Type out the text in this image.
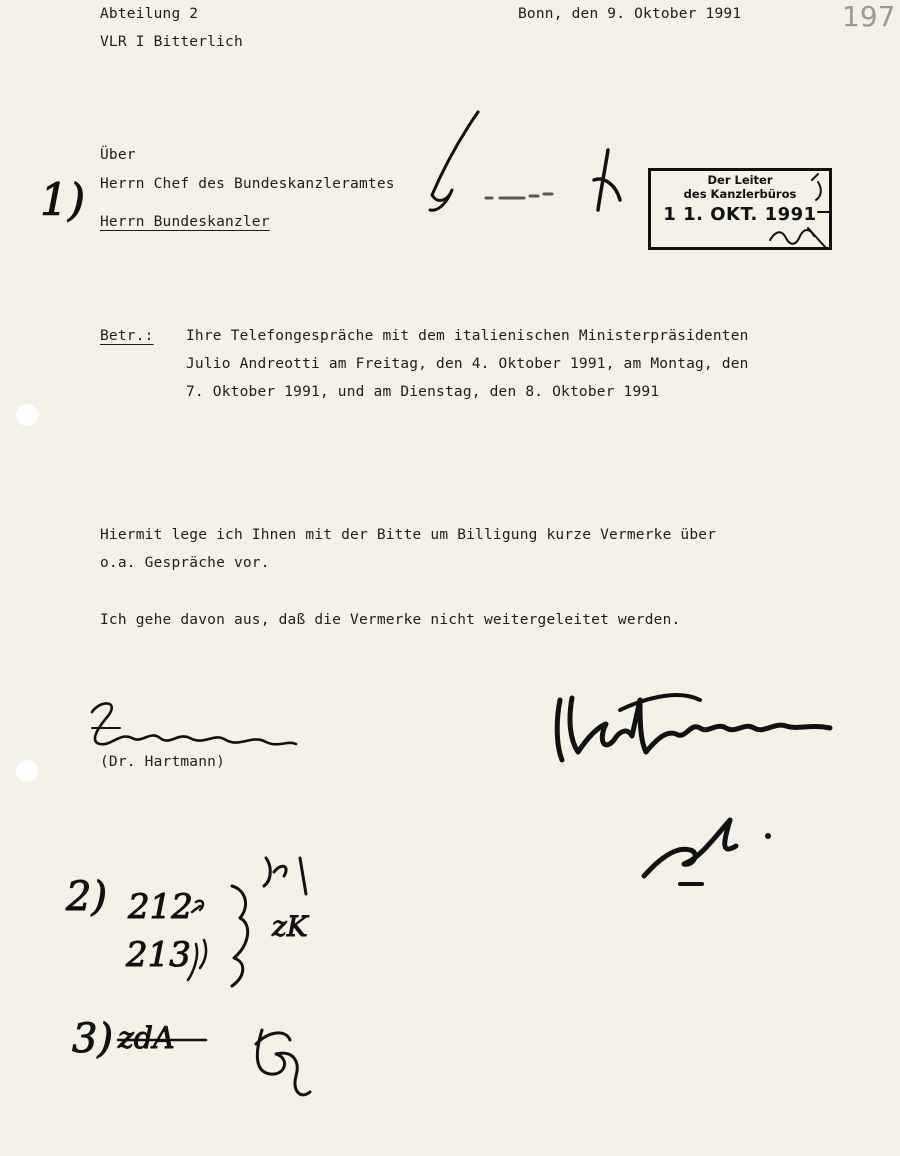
197
Abteilung 2
VLR I Bitterlich
Bonn, den 9. Oktober 1991
Über
Herrn Chef des Bundeskanzleramtes
Herrn Bundeskanzler
Der Leiter
des Kanzlerbüros
1 1. OKT. 1991
Betr.: Ihre Telefongespräche mit dem italienischen Ministerpräsidenten
Julio Andreotti am Freitag, den 4. Oktober 1991, am Montag, den
7. Oktober 1991, und am Dienstag, den 8. Oktober 1991
Hiermit lege ich Ihnen mit der Bitte um Billigung kurze Vermerke über
o.a. Gespräche vor.
Ich gehe davon aus, daß die Vermerke nicht weitergeleitet werden.
(Dr. Hartmann)
1)
2) 212
213
zK
3) zdA
